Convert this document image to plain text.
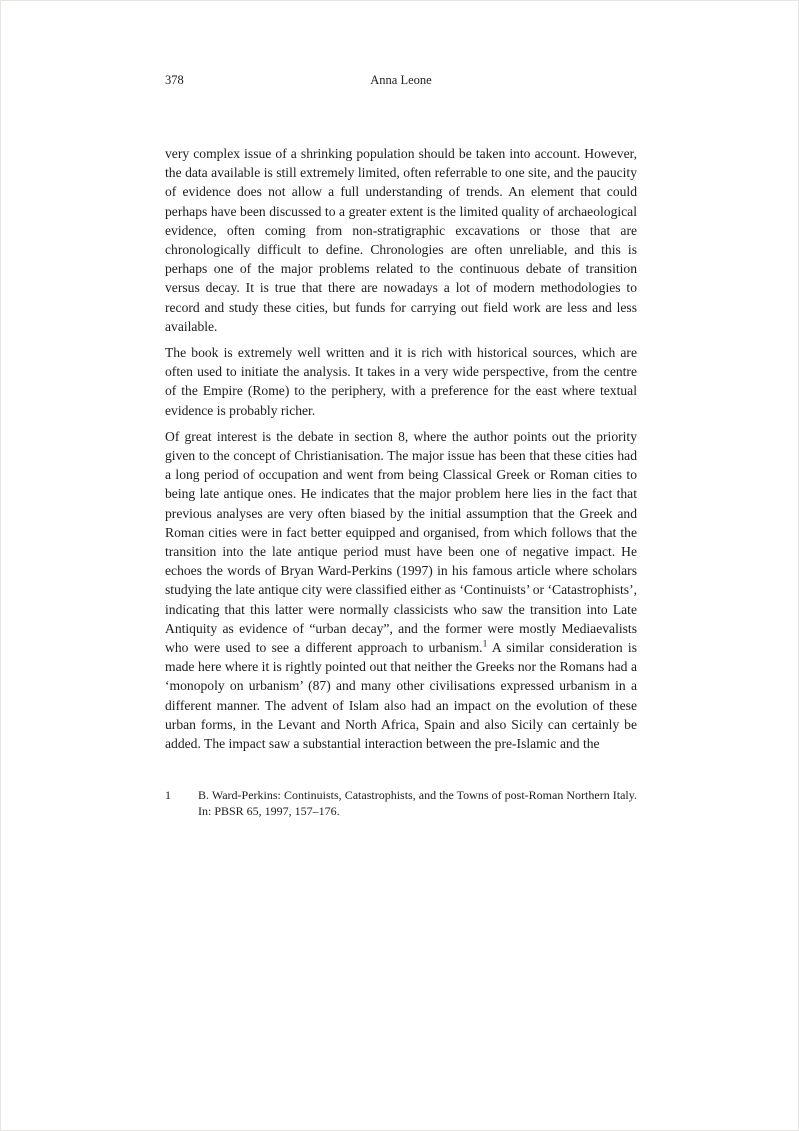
378	Anna Leone

very complex issue of a shrinking population should be taken into account. However, the data available is still extremely limited, often referrable to one site, and the paucity of evidence does not allow a full understanding of trends. An element that could perhaps have been discussed to a greater extent is the limited quality of archaeological evidence, often coming from non-stratigraphic excavations or those that are chronologically difficult to define. Chronologies are often unreliable, and this is perhaps one of the major problems related to the continuous debate of transition versus decay. It is true that there are nowadays a lot of modern methodologies to record and study these cities, but funds for carrying out field work are less and less available.

The book is extremely well written and it is rich with historical sources, which are often used to initiate the analysis. It takes in a very wide perspective, from the centre of the Empire (Rome) to the periphery, with a preference for the east where textual evidence is probably richer.

Of great interest is the debate in section 8, where the author points out the priority given to the concept of Christianisation. The major issue has been that these cities had a long period of occupation and went from being Classical Greek or Roman cities to being late antique ones. He indicates that the major problem here lies in the fact that previous analyses are very often biased by the initial assumption that the Greek and Roman cities were in fact better equipped and organised, from which follows that the transition into the late antique period must have been one of negative impact. He echoes the words of Bryan Ward-Perkins (1997) in his famous article where scholars studying the late antique city were classified either as ‘Continuists’ or ‘Catastrophists’, indicating that this latter were normally classicists who saw the transition into Late Antiquity as evidence of “urban decay”, and the former were mostly Mediaevalists who were used to see a different approach to urbanism.$^1$ A similar consideration is made here where it is rightly pointed out that neither the Greeks nor the Romans had a ‘monopoly on urbanism’ (87) and many other civilisations expressed urbanism in a different manner. The advent of Islam also had an impact on the evolution of these urban forms, in the Levant and North Africa, Spain and also Sicily can certainly be added. The impact saw a substantial interaction between the pre-Islamic and the

1	B. Ward-Perkins: Continuists, Catastrophists, and the Towns of post-Roman Northern Italy. In: PBSR 65, 1997, 157–176.
